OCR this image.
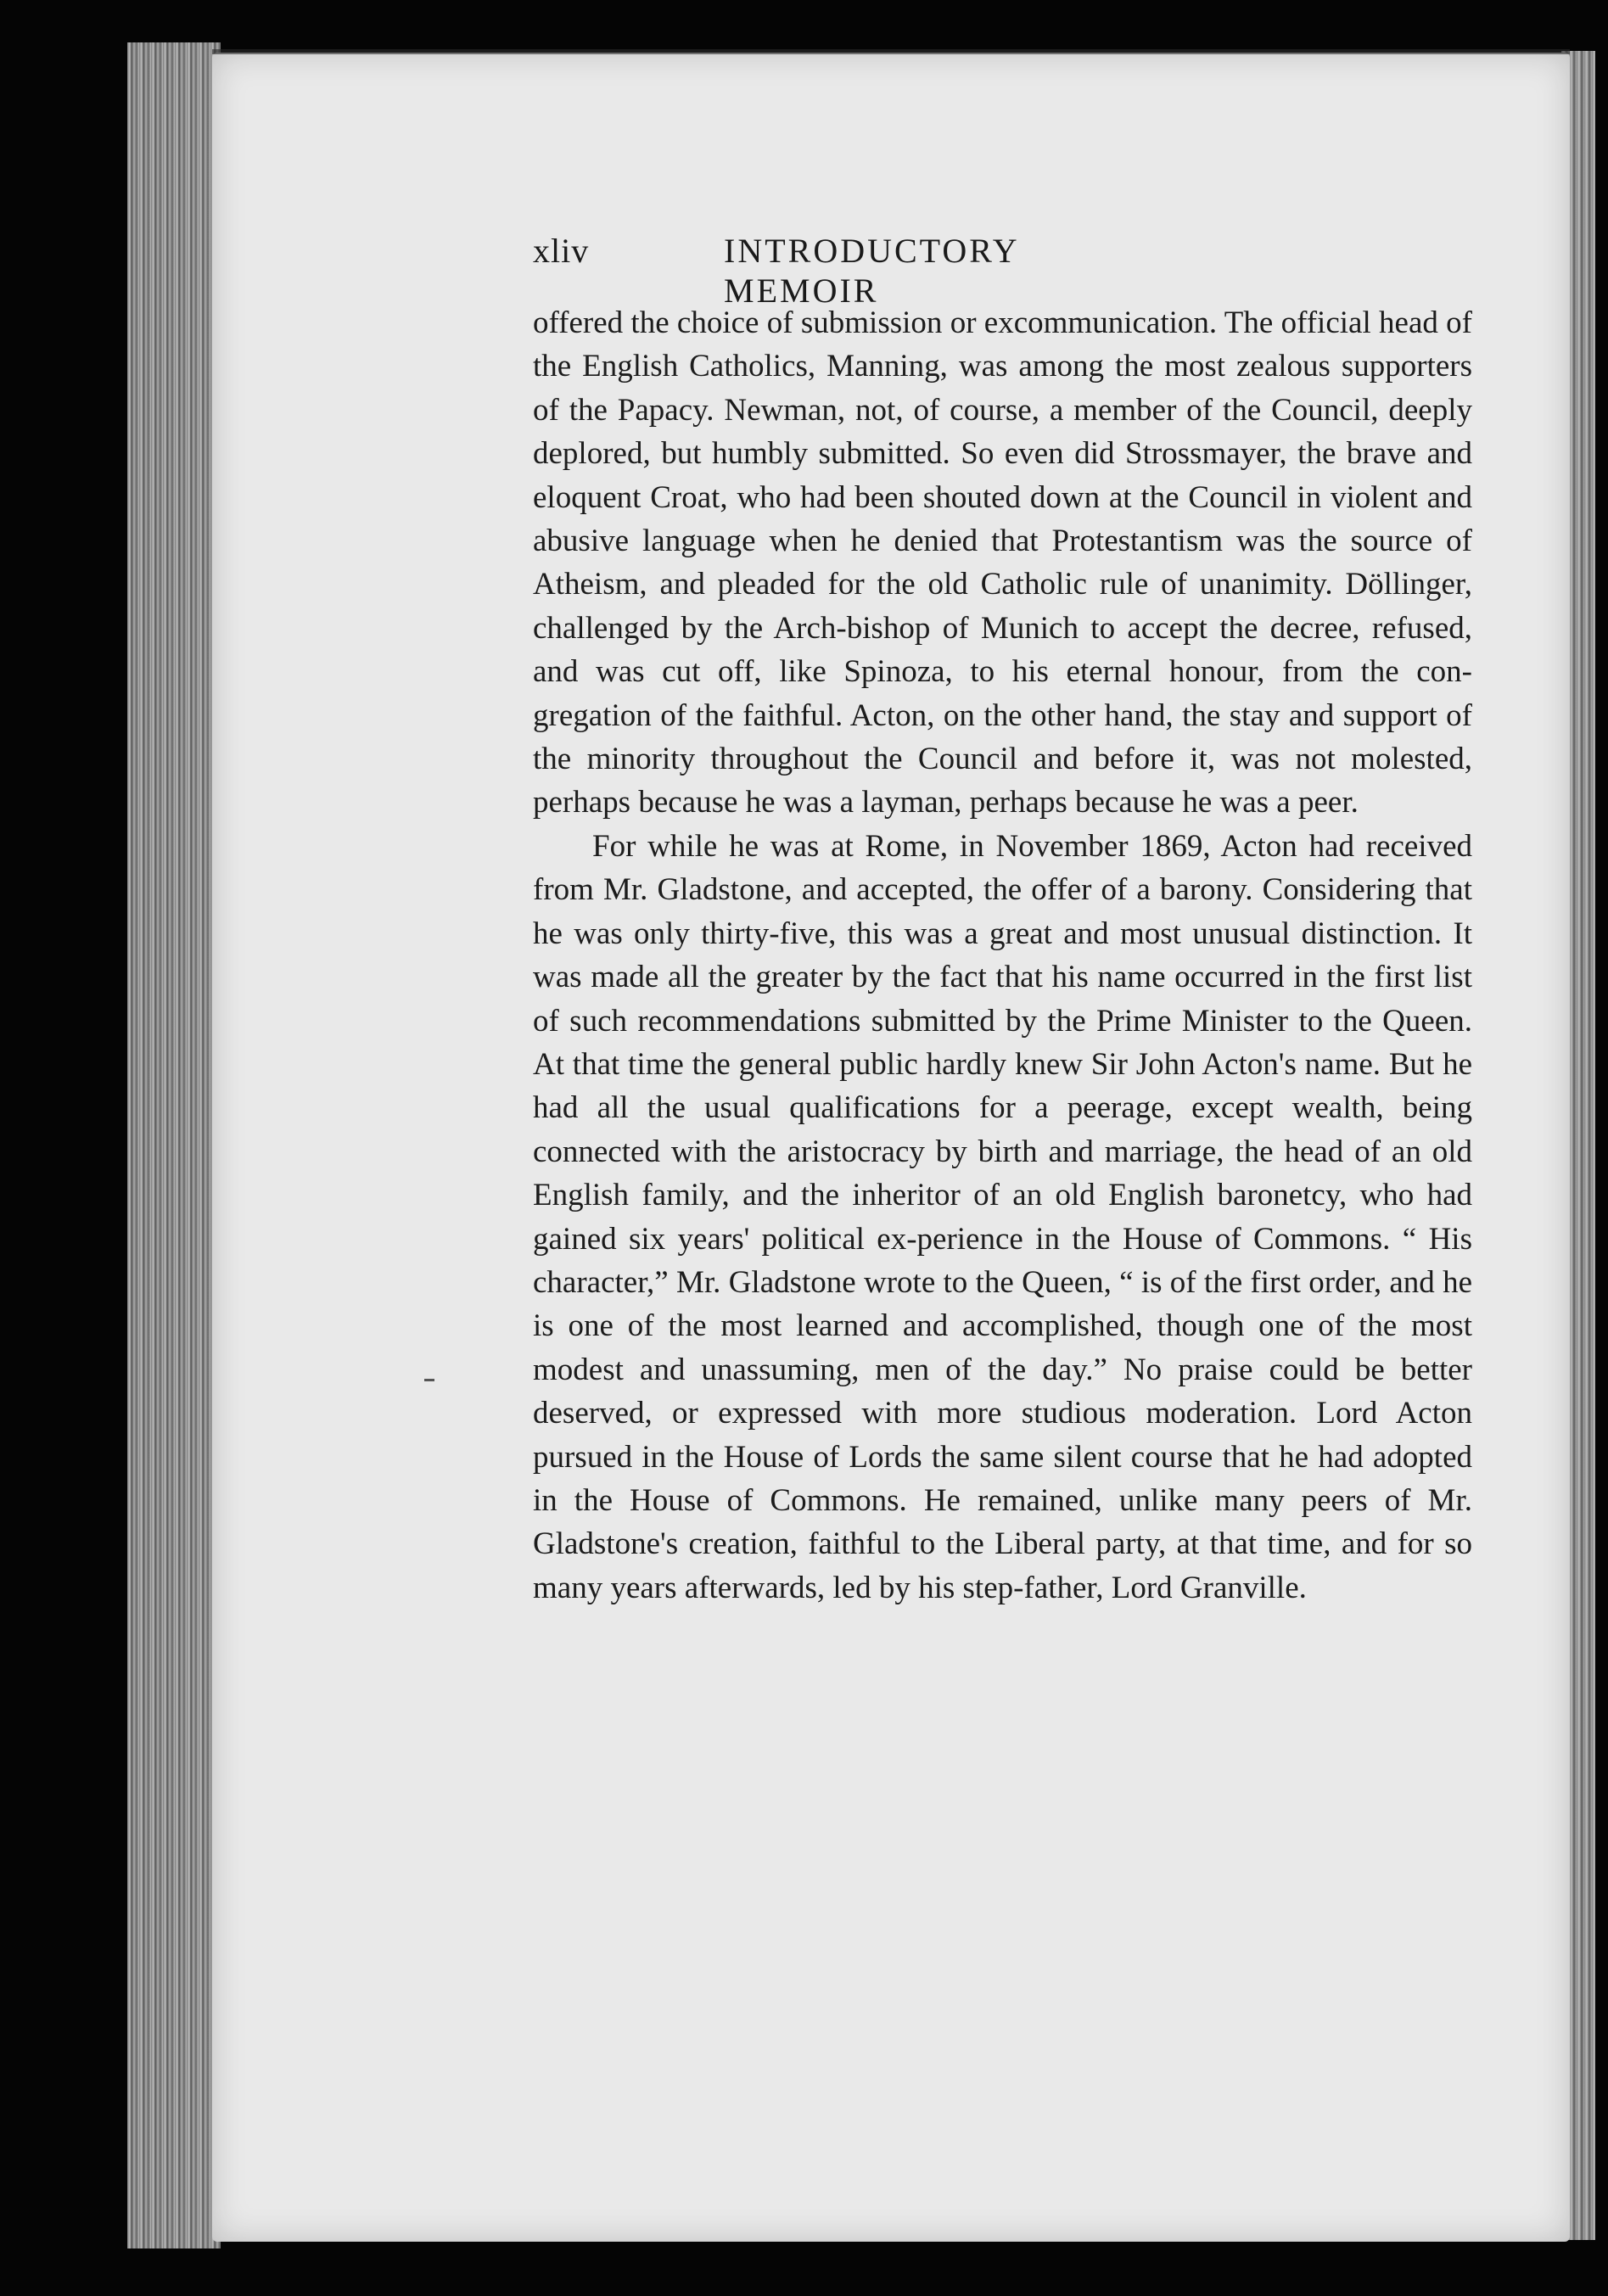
xliv	INTRODUCTORY MEMOIR

offered the choice of submission or excommunication. The official head of the English Catholics, Manning, was among the most zealous supporters of the Papacy. Newman, not, of course, a member of the Council, deeply deplored, but humbly submitted. So even did Strossmayer, the brave and eloquent Croat, who had been shouted down at the Council in violent and abusive language when he denied that Protestantism was the source of Atheism, and pleaded for the old Catholic rule of unanimity. Döllinger, challenged by the Arch-bishop of Munich to accept the decree, refused, and was cut off, like Spinoza, to his eternal honour, from the con-gregation of the faithful. Acton, on the other hand, the stay and support of the minority throughout the Council and before it, was not molested, perhaps because he was a layman, perhaps because he was a peer.

For while he was at Rome, in November 1869, Acton had received from Mr. Gladstone, and accepted, the offer of a barony. Considering that he was only thirty-five, this was a great and most unusual distinction. It was made all the greater by the fact that his name occurred in the first list of such recommendations submitted by the Prime Minister to the Queen. At that time the general public hardly knew Sir John Acton's name. But he had all the usual qualifications for a peerage, except wealth, being connected with the aristocracy by birth and marriage, the head of an old English family, and the inheritor of an old English baronetcy, who had gained six years' political ex-perience in the House of Commons. “ His character,” Mr. Gladstone wrote to the Queen, “ is of the first order, and he is one of the most learned and accomplished, though one of the most modest and unassuming, men of the day.” No praise could be better deserved, or expressed with more studious moderation. Lord Acton pursued in the House of Lords the same silent course that he had adopted in the House of Commons. He remained, unlike many peers of Mr. Gladstone's creation, faithful to the Liberal party, at that time, and for so many years afterwards, led by his step-father, Lord Granville.
